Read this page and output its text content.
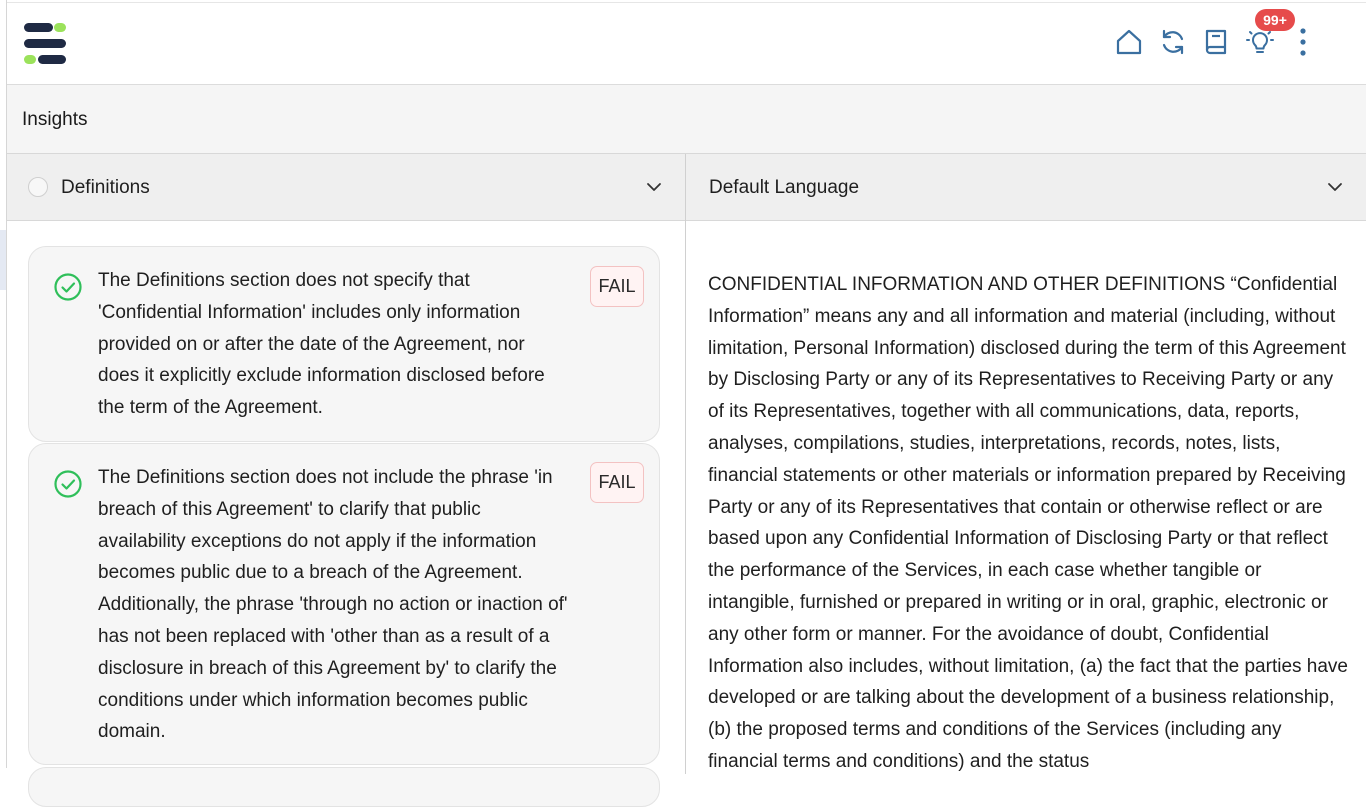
99+
Insights
Definitions	Default Language
The Definitions section does not specify that 'Confidential Information' includes only information provided on or after the date of the Agreement, nor does it explicitly exclude information disclosed before the term of the Agreement.
FAIL
The Definitions section does not include the phrase 'in breach of this Agreement' to clarify that public availability exceptions do not apply if the information becomes public due to a breach of the Agreement. Additionally, the phrase 'through no action or inaction of' has not been replaced with 'other than as a result of a disclosure in breach of this Agreement by' to clarify the conditions under which information becomes public domain.
FAIL
CONFIDENTIAL INFORMATION AND OTHER DEFINITIONS “Confidential Information” means any and all information and material (including, without limitation, Personal Information) disclosed during the term of this Agreement by Disclosing Party or any of its Representatives to Receiving Party or any of its Representatives, together with all communications, data, reports, analyses, compilations, studies, interpretations, records, notes, lists, financial statements or other materials or information prepared by Receiving Party or any of its Representatives that contain or otherwise reflect or are based upon any Confidential Information of Disclosing Party or that reflect the performance of the Services, in each case whether tangible or intangible, furnished or prepared in writing or in oral, graphic, electronic or any other form or manner. For the avoidance of doubt, Confidential Information also includes, without limitation, (a) the fact that the parties have developed or are talking about the development of a business relationship, (b) the proposed terms and conditions of the Services (including any financial terms and conditions) and the status
